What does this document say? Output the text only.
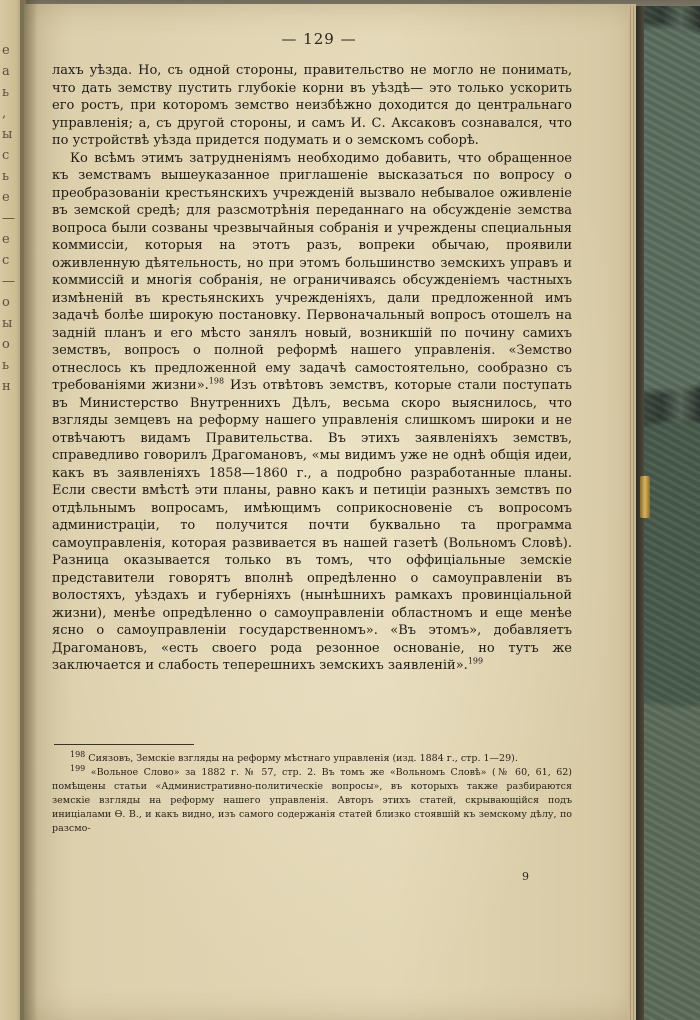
е
а
ь
,
ы
с
ь
е
—
е
с
—
о
ы
о
ь
н
— 129 —

лахъ уѣзда. Но, съ одной стороны, правительство не могло не понимать, что дать земству пустить глубокіе корни въ уѣздѣ— это только ускорить его ростъ, при которомъ земство неизбѣжно доходится до центральнаго управленія; а, съ другой стороны, и самъ И. С. Аксаковъ сознавался, что по устройствѣ уѣзда придется подумать и о земскомъ соборѣ.

Ко всѣмъ этимъ затрудненіямъ необходимо добавить, что обращенное къ земствамъ вышеуказанное приглашеніе высказаться по вопросу о преобразованіи крестьянскихъ учрежденій вызвало небывалое оживленіе въ земской средѣ; для разсмотрѣнія переданнаго на обсужденіе земства вопроса были созваны чрезвычайныя собранія и учреждены специальныя коммиссіи, которыя на этотъ разъ, вопреки обычаю, проявили оживленную дѣятельность, но при этомъ большинство земскихъ управъ и коммиссій и многія собранія, не ограничиваясь обсужденіемъ частныхъ измѣненій въ крестьянскихъ учрежденіяхъ, дали предложенной имъ задачѣ болѣе широкую постановку. Первоначальный вопросъ отошелъ на задній планъ и его мѣсто занялъ новый, возникшій по почину самихъ земствъ, вопросъ о полной реформѣ нашего управленія. «Земство отнеслось къ предложенной ему задачѣ самостоятельно, сообразно съ требованіями жизни».$^{198}$ Изъ отвѣтовъ земствъ, которые стали поступать въ Министерство Внутреннихъ Дѣлъ, весьма скоро выяснилось, что взгляды земцевъ на реформу нашего управленія слишкомъ широки и не отвѣчаютъ видамъ Правительства. Въ этихъ заявленіяхъ земствъ, справедливо говорилъ Драгомановъ, «мы видимъ уже не однѣ общія идеи, какъ въ заявленіяхъ 1858—1860 г., а подробно разработанные планы. Если свести вмѣстѣ эти планы, равно какъ и петиціи разныхъ земствъ по отдѣльнымъ вопросамъ, имѣющимъ соприкосновеніе съ вопросомъ администраціи, то получится почти буквально та программа самоуправленія, которая развивается въ нашей газетѣ (Вольномъ Словѣ). Разница оказывается только въ томъ, что оффиціальные земскіе представители говорятъ вполнѣ опредѣленно о самоуправленіи въ волостяхъ, уѣздахъ и губерніяхъ (нынѣшнихъ рамкахъ провинціальной жизни), менѣе опредѣленно о самоуправленіи областномъ и еще менѣе ясно о самоуправленіи государственномъ». «Въ этомъ», добавляетъ Драгомановъ, «есть своего рода резонное основаніе, но тутъ же заключается и слабость теперешнихъ земскихъ заявленій».$^{199}$

$^{198}$ Сиязовъ, Земскіе взгляды на реформу мѣстнаго управленія (изд. 1884 г., стр. 1—29).

$^{199}$ «Вольное Слово» за 1882 г. № 57, стр. 2. Въ томъ же «Вольномъ Словѣ» (№ 60, 61, 62) помѣщены статьи «Административно-политическіе вопросы», въ которыхъ также разбираются земскіе взгляды на реформу нашего управленія. Авторъ этихъ статей, скрывающійся подъ иниціалами Ѳ. В., и какъ видно, изъ самого содержанія статей близко стоявшій къ земскому дѣлу, по разсмо-

9
